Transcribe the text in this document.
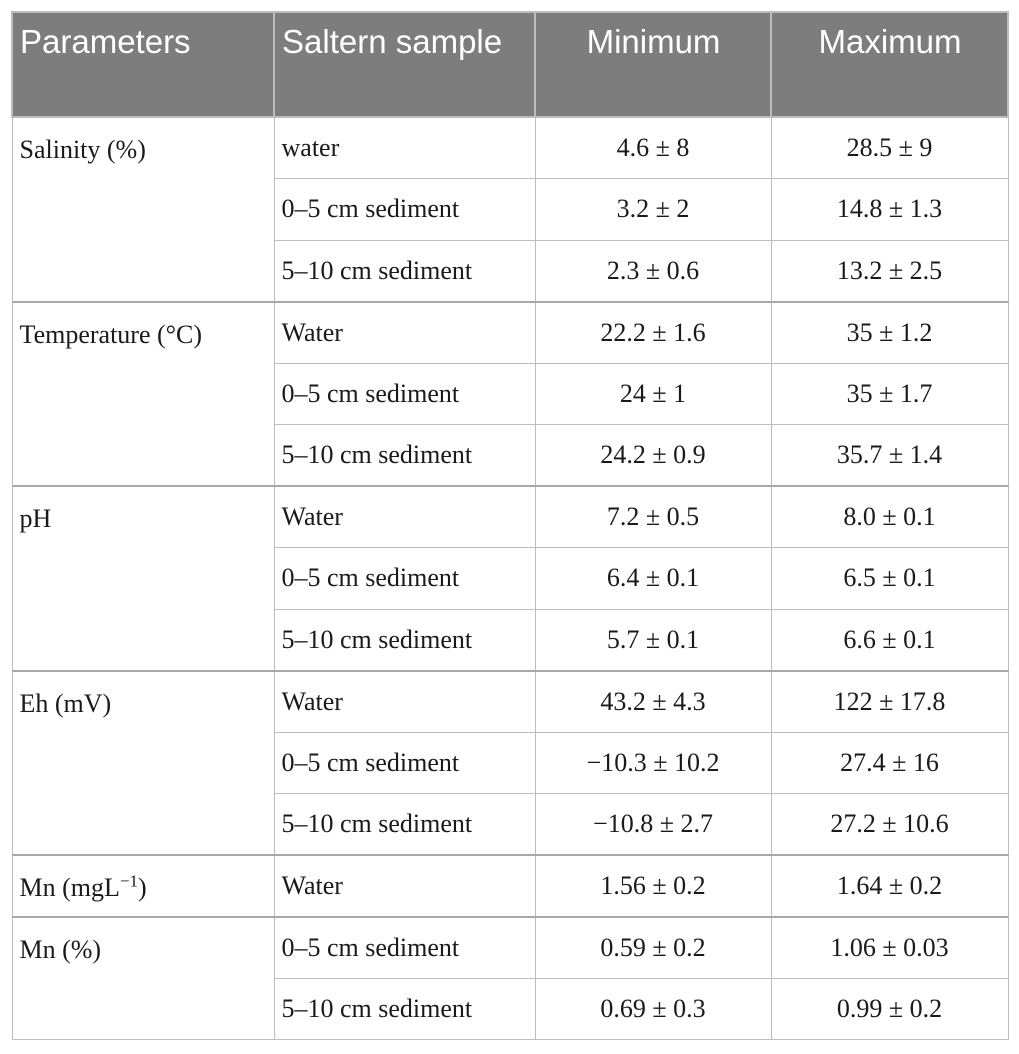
Parameters	Saltern sample	Minimum	Maximum
Salinity (%)	water	4.6 ± 8	28.5 ± 9
	0–5 cm sediment	3.2 ± 2	14.8 ± 1.3
	5–10 cm sediment	2.3 ± 0.6	13.2 ± 2.5
Temperature (°C)	Water	22.2 ± 1.6	35 ± 1.2
	0–5 cm sediment	24 ± 1	35 ± 1.7
	5–10 cm sediment	24.2 ± 0.9	35.7 ± 1.4
pH	Water	7.2 ± 0.5	8.0 ± 0.1
	0–5 cm sediment	6.4 ± 0.1	6.5 ± 0.1
	5–10 cm sediment	5.7 ± 0.1	6.6 ± 0.1
Eh (mV)	Water	43.2 ± 4.3	122 ± 17.8
	0–5 cm sediment	−10.3 ± 10.2	27.4 ± 16
	5–10 cm sediment	−10.8 ± 2.7	27.2 ± 10.6
Mn (mgL$^{-1}$)	Water	1.56 ± 0.2	1.64 ± 0.2
Mn (%)	0–5 cm sediment	0.59 ± 0.2	1.06 ± 0.03
	5–10 cm sediment	0.69 ± 0.3	0.99 ± 0.2
